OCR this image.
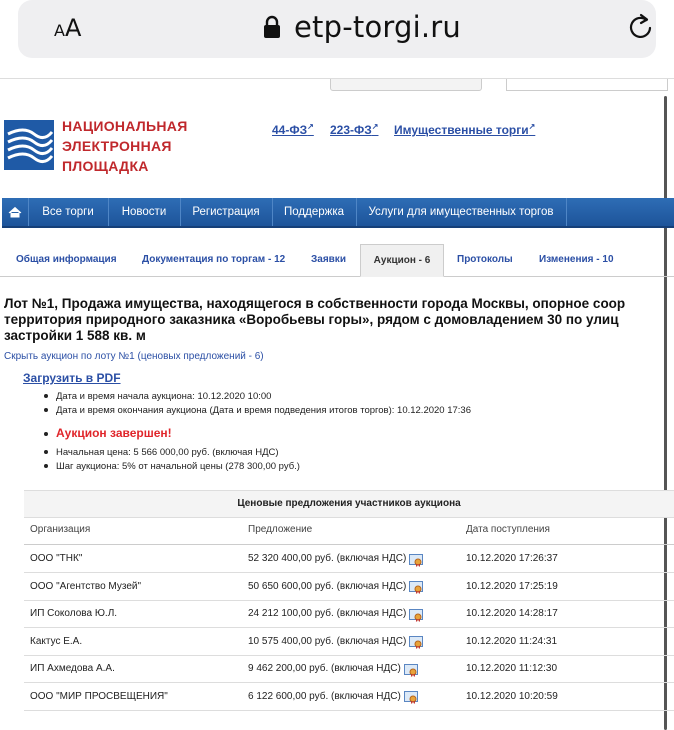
AA	etp-torgi.ru
НАЦИОНАЛЬНАЯ
ЭЛЕКТРОННАЯ
ПЛОЩАДКА
44-ФЗ↗ 223-ФЗ↗ Имущественные торги↗
Все торги	Новости	Регистрация	Поддержка	Услуги для имущественных торгов
Общая информация	Документация по торгам - 12	Заявки	Аукцион - 6	Протоколы	Изменения - 10
Лот №1, Продажа имущества, находящегося в собственности города Москвы, опорное соор
территория природного заказника «Воробьевы горы», рядом с домовладением 30 по улиц
застройки 1 588 кв. м
Скрыть аукцион по лоту №1 (ценовых предложений - 6)
Загрузить в PDF
Дата и время начала аукциона: 10.12.2020 10:00
Дата и время окончания аукциона (Дата и время подведения итогов торгов): 10.12.2020 17:36
Аукцион завершен!
Начальная цена: 5 566 000,00 руб. (включая НДС)
Шаг аукциона: 5% от начальной цены (278 300,00 руб.)
Ценовые предложения участников аукциона
Организация	Предложение	Дата поступления
ООО "ТНК"	52 320 400,00 руб. (включая НДС)	10.12.2020 17:26:37
ООО "Агентство Музей"	50 650 600,00 руб. (включая НДС)	10.12.2020 17:25:19
ИП Соколова Ю.Л.	24 212 100,00 руб. (включая НДС)	10.12.2020 14:28:17
Кактус Е.А.	10 575 400,00 руб. (включая НДС)	10.12.2020 11:24:31
ИП Ахмедова А.А.	9 462 200,00 руб. (включая НДС)	10.12.2020 11:12:30
ООО "МИР ПРОСВЕЩЕНИЯ"	6 122 600,00 руб. (включая НДС)	10.12.2020 10:20:59
